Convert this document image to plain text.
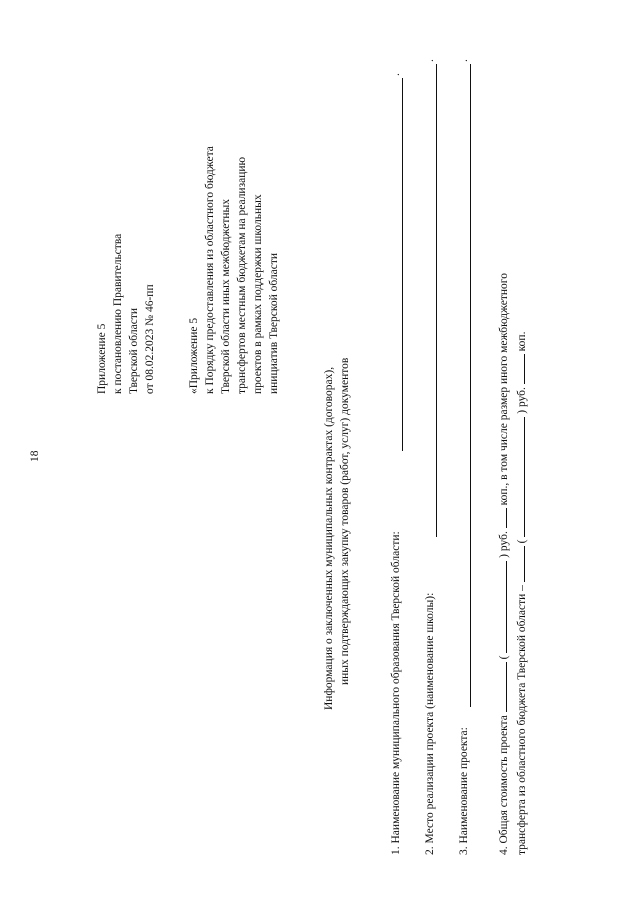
18
Приложение 5 к постановлению Правительства Тверской области от 08.02.2023 № 46-пп	«Приложение 5 к Порядку предоставления из областного бюджета Тверской области иных межбюджетных трансфертов местным бюджетам на реализацию проектов в рамках поддержки школьных инициатив Тверской области
Информация о заключенных муниципальных контрактах (договорах), иных подтверждающих закупку товаров (работ, услуг) документов
1. Наименование муниципального образования Тверской области:
.
2. Место реализации проекта (наименование школы):
.
3. Наименование проекта:
.
4. Общая стоимость проекта  (  ) руб.  коп., в том числе размер иного межбюджетного
трансферта из областного бюджета Тверской области –  (  ) руб.  коп.
